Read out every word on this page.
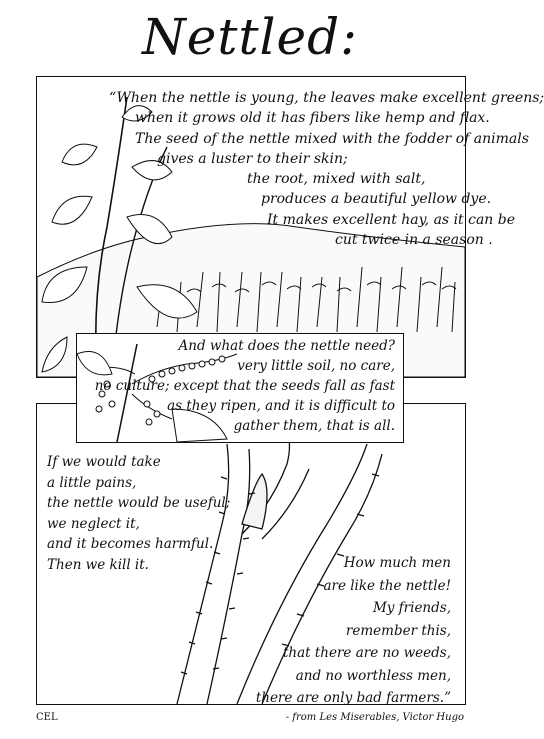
Nettled:
“When the nettle is young, the leaves make excellent greens;
when it grows old it has fibers like hemp and flax.
The seed of the nettle mixed with the fodder of animals
gives a luster to their skin;
the root, mixed with salt,
produces a beautiful yellow dye.
It makes excellent hay, as it can be
cut twice in a season .
If we would take
a little pains,
the nettle would be useful;
we neglect it,
and it becomes harmful.
Then we kill it.	How much men
are like the nettle!
My friends,
remember this,
that there are no weeds,
and no worthless men,
there are only bad farmers.”
And what does the nettle need?
very little soil, no care,
no culture; except that the seeds fall as fast
as they ripen, and it is difficult to
gather them, that is all.
CEL	- from Les Miserables, Victor Hugo
